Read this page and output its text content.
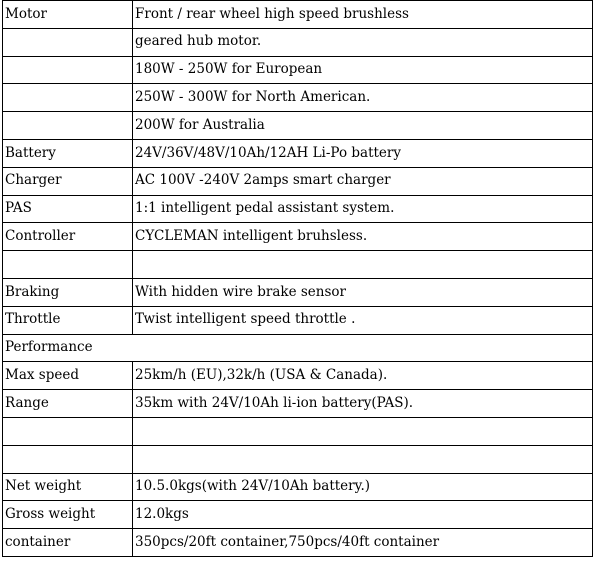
Motor	Front / rear wheel high speed brushless
	geared hub motor.
	180W - 250W for European
	250W - 300W for North American.
	200W for Australia
Battery	24V/36V/48V/10Ah/12AH Li-Po battery
Charger	AC 100V -240V 2amps smart charger
PAS	1:1 intelligent pedal assistant system.
Controller	CYCLEMAN intelligent bruhsless.

Braking	With hidden wire brake sensor
Throttle	Twist intelligent speed throttle .
Performance	
Max speed	25km/h (EU),32k/h (USA & Canada).
Range	35km with 24V/10Ah li-ion battery(PAS).

Net weight	10.5.0kgs(with 24V/10Ah battery.)
Gross weight	12.0kgs
container	350pcs/20ft container,750pcs/40ft container
